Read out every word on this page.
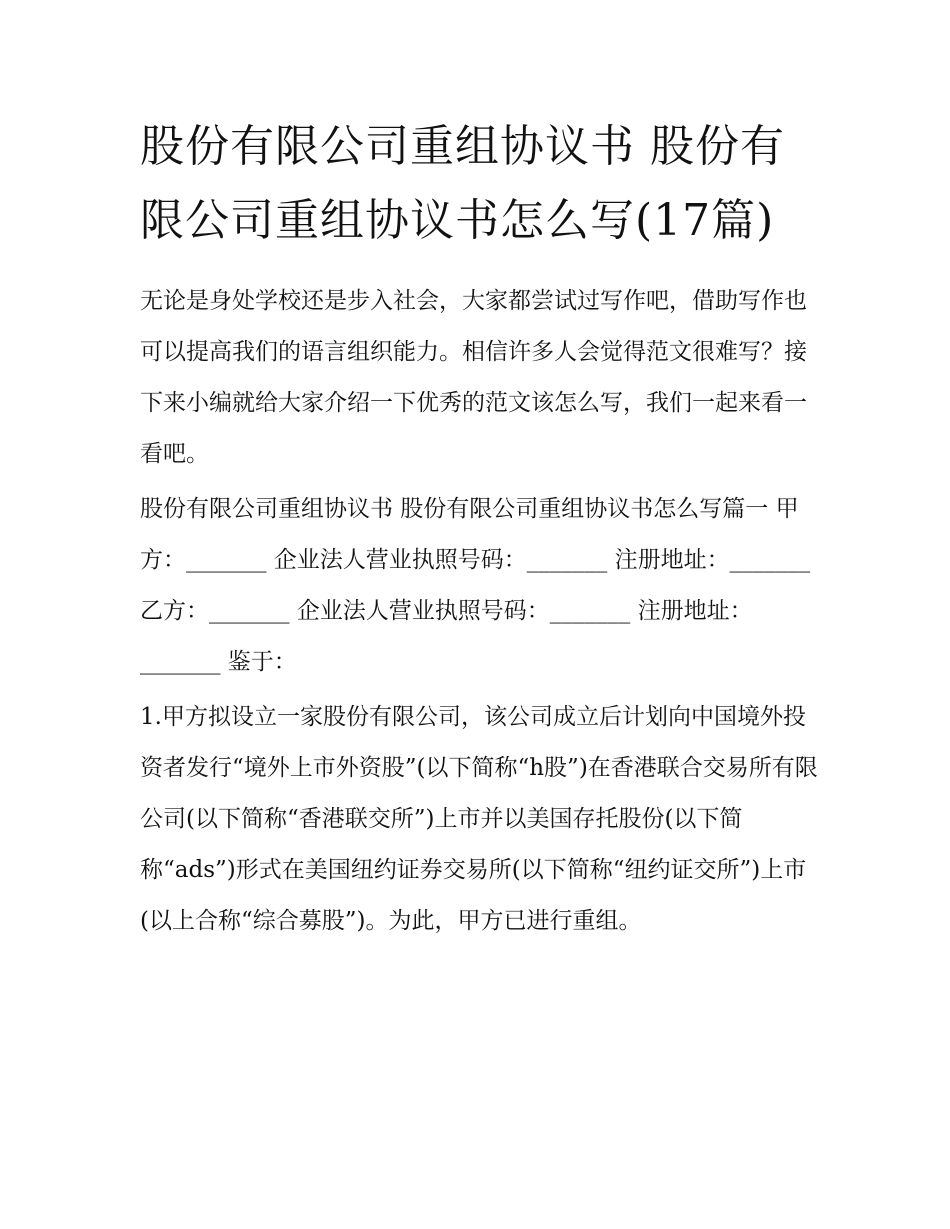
股份有限公司重组协议书 股份有限公司重组协议书怎么写(17篇)

无论是身处学校还是步入社会，大家都尝试过写作吧，借助写作也可以提高我们的语言组织能力。相信许多人会觉得范文很难写？接下来小编就给大家介绍一下优秀的范文该怎么写，我们一起来看一看吧。

股份有限公司重组协议书 股份有限公司重组协议书怎么写篇一 甲方：_______ 企业法人营业执照号码：_______ 注册地址：_______

乙方：_______ 企业法人营业执照号码：_______ 注册地址：_______ 鉴于：

1.甲方拟设立一家股份有限公司，该公司成立后计划向中国境外投资者发行“境外上市外资股”(以下简称“h股”)在香港联合交易所有限公司(以下简称“香港联交所”)上市并以美国存托股份(以下简称“ads”)形式在美国纽约证券交易所(以下简称“纽约证交所”)上市(以上合称“综合募股”)。为此，甲方已进行重组。
